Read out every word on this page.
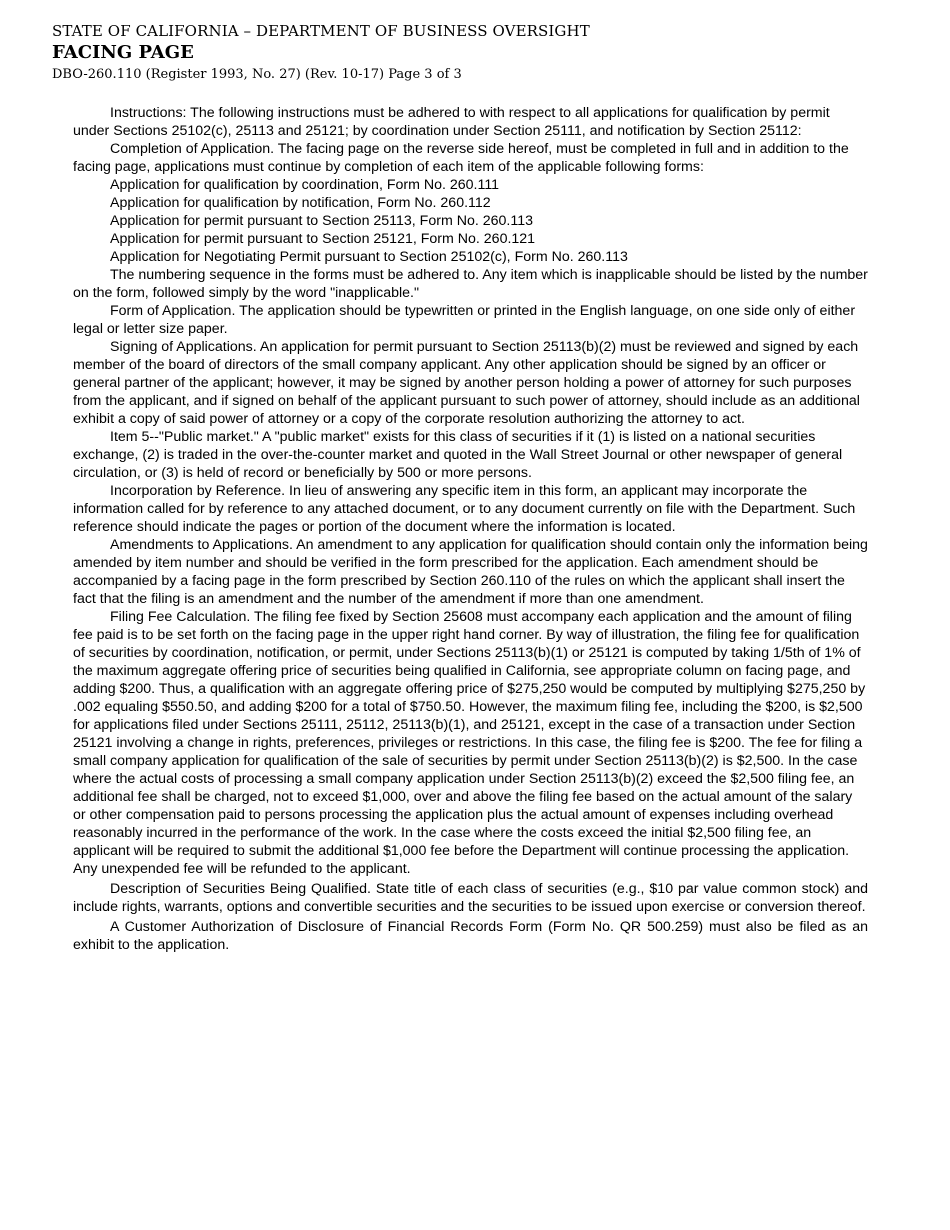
STATE OF CALIFORNIA – DEPARTMENT OF BUSINESS OVERSIGHT
FACING PAGE
DBO-260.110 (Register 1993, No. 27) (Rev. 10-17) Page 3 of 3

Instructions: The following instructions must be adhered to with respect to all applications for qualification by permit under Sections 25102(c), 25113 and 25121; by coordination under Section 25111, and notification by Section 25112:

Completion of Application. The facing page on the reverse side hereof, must be completed in full and in addition to the facing page, applications must continue by completion of each item of the applicable following forms:

Application for qualification by coordination, Form No. 260.111

Application for qualification by notification, Form No. 260.112

Application for permit pursuant to Section 25113, Form No. 260.113

Application for permit pursuant to Section 25121, Form No. 260.121

Application for Negotiating Permit pursuant to Section 25102(c), Form No. 260.113

The numbering sequence in the forms must be adhered to. Any item which is inapplicable should be listed by the number on the form, followed simply by the word "inapplicable."

Form of Application. The application should be typewritten or printed in the English language, on one side only of either legal or letter size paper.

Signing of Applications. An application for permit pursuant to Section 25113(b)(2) must be reviewed and signed by each member of the board of directors of the small company applicant. Any other application should be signed by an officer or general partner of the applicant; however, it may be signed by another person holding a power of attorney for such purposes from the applicant, and if signed on behalf of the applicant pursuant to such power of attorney, should include as an additional exhibit a copy of said power of attorney or a copy of the corporate resolution authorizing the attorney to act.

Item 5--"Public market." A "public market" exists for this class of securities if it (1) is listed on a national securities exchange, (2) is traded in the over-the-counter market and quoted in the Wall Street Journal or other newspaper of general circulation, or (3) is held of record or beneficially by 500 or more persons.

Incorporation by Reference. In lieu of answering any specific item in this form, an applicant may incorporate the information called for by reference to any attached document, or to any document currently on file with the Department. Such reference should indicate the pages or portion of the document where the information is located.

Amendments to Applications. An amendment to any application for qualification should contain only the information being amended by item number and should be verified in the form prescribed for the application. Each amendment should be accompanied by a facing page in the form prescribed by Section 260.110 of the rules on which the applicant shall insert the fact that the filing is an amendment and the number of the amendment if more than one amendment.

Filing Fee Calculation. The filing fee fixed by Section 25608 must accompany each application and the amount of filing fee paid is to be set forth on the facing page in the upper right hand corner. By way of illustration, the filing fee for qualification of securities by coordination, notification, or permit, under Sections 25113(b)(1) or 25121 is computed by taking 1/5th of 1% of the maximum aggregate offering price of securities being qualified in California, see appropriate column on facing page, and adding $200. Thus, a qualification with an aggregate offering price of $275,250 would be computed by multiplying $275,250 by .002 equaling $550.50, and adding $200 for a total of $750.50. However, the maximum filing fee, including the $200, is $2,500 for applications filed under Sections 25111, 25112, 25113(b)(1), and 25121, except in the case of a transaction under Section 25121 involving a change in rights, preferences, privileges or restrictions. In this case, the filing fee is $200. The fee for filing a small company application for qualification of the sale of securities by permit under Section 25113(b)(2) is $2,500. In the case where the actual costs of processing a small company application under Section 25113(b)(2) exceed the $2,500 filing fee, an additional fee shall be charged, not to exceed $1,000, over and above the filing fee based on the actual amount of the salary or other compensation paid to persons processing the application plus the actual amount of expenses including overhead reasonably incurred in the performance of the work. In the case where the costs exceed the initial $2,500 filing fee, an applicant will be required to submit the additional $1,000 fee before the Department will continue processing the application. Any unexpended fee will be refunded to the applicant.

Description of Securities Being Qualified. State title of each class of securities (e.g., $10 par value common stock) and include rights, warrants, options and convertible securities and the securities to be issued upon exercise or conversion thereof.

A Customer Authorization of Disclosure of Financial Records Form (Form No. QR 500.259) must also be filed as an exhibit to the application.
